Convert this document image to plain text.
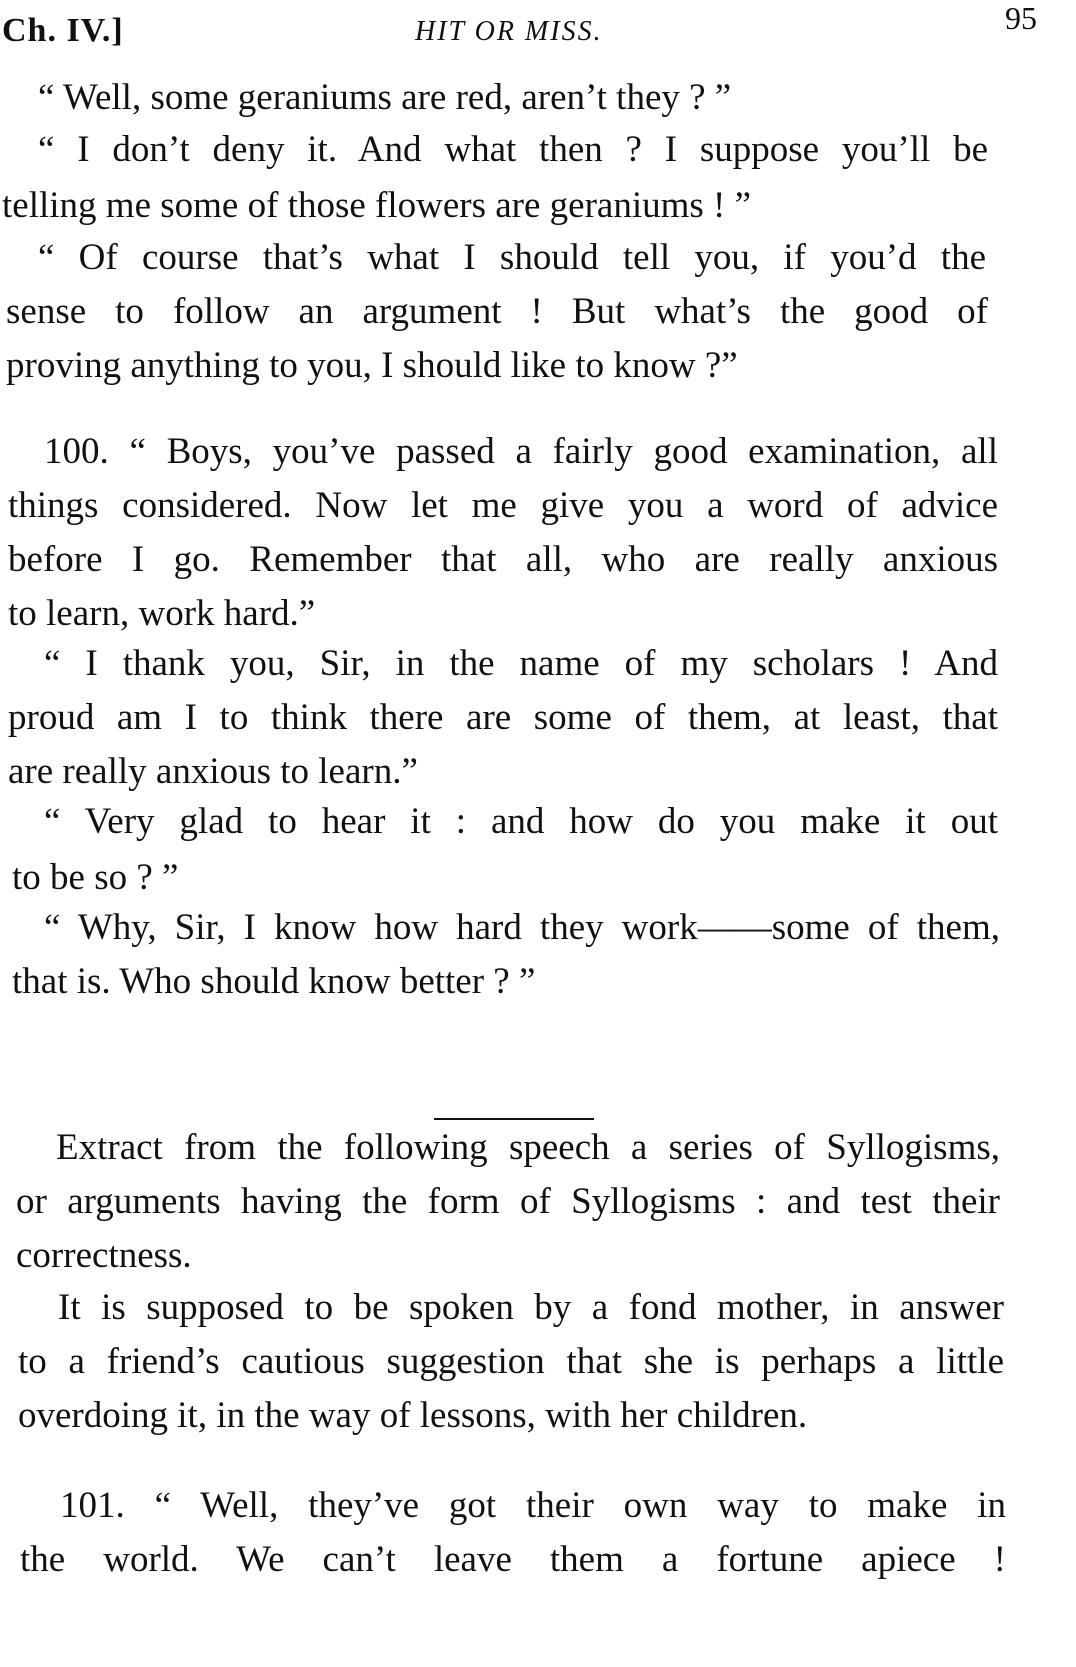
Ch. IV.]	HIT OR MISS.	95
“ Well, some geraniums are red, aren’t they ? ”
“ I don’t deny it. And what then ? I suppose you’ll be
telling me some of those flowers are geraniums ! ”
“ Of course that’s what I should tell you, if you’d the
sense to follow an argument ! But what’s the good of
proving anything to you, I should like to know ?”
100. “ Boys, you’ve passed a fairly good examination, all
things considered. Now let me give you a word of advice
before I go. Remember that all, who are really anxious
to learn, work hard.”
“ I thank you, Sir, in the name of my scholars ! And
proud am I to think there are some of them, at least, that
are really anxious to learn.”
“ Very glad to hear it : and how do you make it out
to be so ? ”
“ Why, Sir, I know how hard they work——some of them,
that is. Who should know better ? ”
Extract from the following speech a series of Syllogisms,
or arguments having the form of Syllogisms : and test their
correctness.
It is supposed to be spoken by a fond mother, in answer
to a friend’s cautious suggestion that she is perhaps a little
overdoing it, in the way of lessons, with her children.
101. “ Well, they’ve got their own way to make in
the world. We can’t leave them a fortune apiece !
